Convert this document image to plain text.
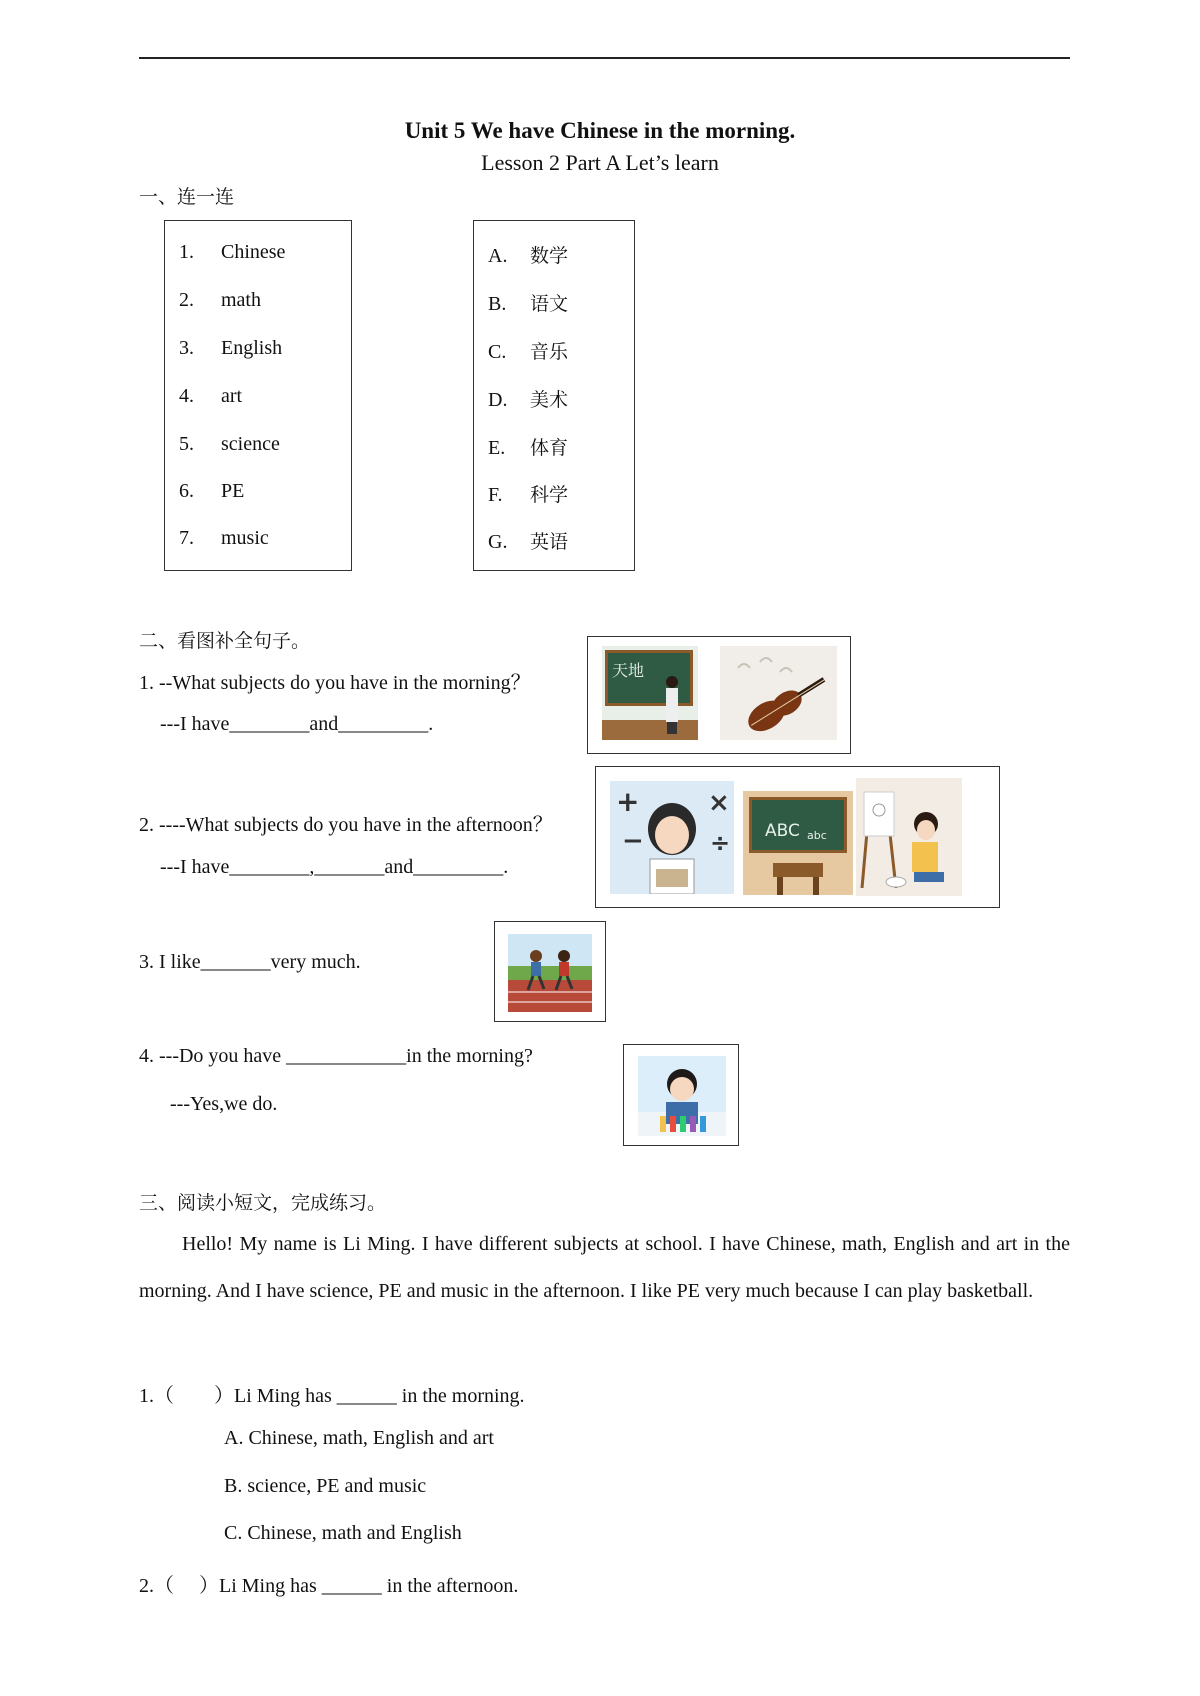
Unit 5 We have Chinese in the morning.
Lesson 2 Part A Let’s learn
一、连一连
1. Chinese
2. math
3. English
4. art
5. science
6. PE
7. music
A. 数学
B. 语文
C. 音乐
D. 美术
E. 体育
F. 科学
G. 英语
二、看图补全句子。
1. --What subjects do you have in the morning？
---I have________and_________.
天地
2. ----What subjects do you have in the afternoon？
---I have________,_______and_________.
+	×
−	÷ ABC abc
3. I like_______very much.
4. ---Do you have ____________in the morning?
---Yes,we do.
三、阅读小短文，完成练习。

Hello! My name is Li Ming. I have different subjects at school. I have Chinese, math, English and art in the morning. And I have science, PE and music in the afternoon. I like PE very much because I can play basketball.

1.（　　）Li Ming has ______ in the morning.
A. Chinese, math, English and art
B. science, PE and music
C. Chinese, math and English
2.（　 ）Li Ming has ______ in the afternoon.
